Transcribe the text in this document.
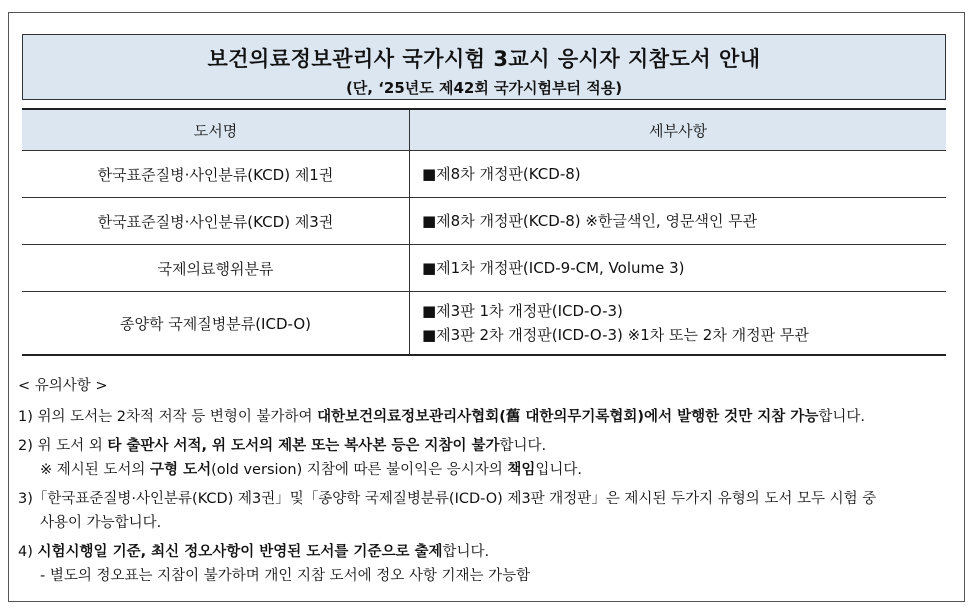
보건의료정보관리사 국가시험 3교시 응시자 지참도서 안내
(단, ‘25년도 제42회 국가시험부터 적용)
도서명	세부사항
한국표준질병·사인분류(KCD) 제1권	■제8차 개정판(KCD-8)

한국표준질병·사인분류(KCD) 제3권	■제8차 개정판(KCD-8) ※한글색인, 영문색인 무관

국제의료행위분류	■제1차 개정판(ICD-9-CM, Volume 3)

종양학 국제질병분류(ICD-O)	■제3판 1차 개정판(ICD-O-3)
■제3판 2차 개정판(ICD-O-3) ※1차 또는 2차 개정판 무관
< 유의사항 >
1) 위의 도서는 2차적 저작 등 변형이 불가하여 대한보건의료정보관리사협회(舊 대한의무기록협회)에서 발행한 것만 지참 가능합니다.
2) 위 도서 외 타 출판사 서적, 위 도서의 제본 또는 복사본 등은 지참이 불가합니다.
※ 제시된 도서의 구형 도서(old version) 지참에 따른 불이익은 응시자의 책임입니다.
3)「한국표준질병·사인분류(KCD) 제3권」및「종양학 국제질병분류(ICD-O) 제3판 개정판」은 제시된 두가지 유형의 도서 모두 시험 중
사용이 가능합니다.
4) 시험시행일 기준, 최신 정오사항이 반영된 도서를 기준으로 출제합니다.
- 별도의 정오표는 지참이 불가하며 개인 지참 도서에 정오 사항 기재는 가능함
